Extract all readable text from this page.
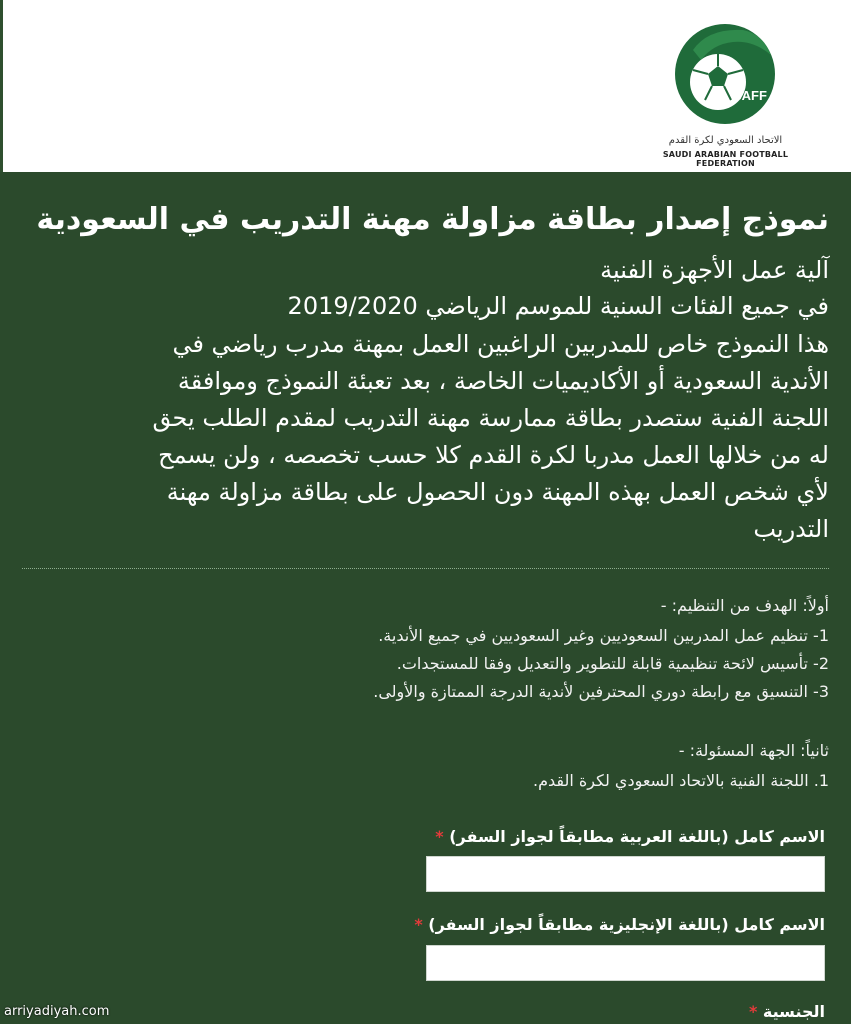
SAFF
الاتحاد السعودي لكرة القدم
SAUDI ARABIAN FOOTBALL FEDERATION
نموذج إصدار بطاقة مزاولة مهنة التدريب في السعودية
آلية عمل الأجهزة الفنية
في جميع الفئات السنية للموسم الرياضي 2019/2020
هذا النموذج خاص للمدربين الراغبين العمل بمهنة مدرب رياضي في
الأندية السعودية أو الأكاديميات الخاصة ، بعد تعبئة النموذج وموافقة
اللجنة الفنية ستصدر بطاقة ممارسة مهنة التدريب لمقدم الطلب يحق
له من خلالها العمل مدربا لكرة القدم كلا حسب تخصصه ، ولن يسمح
لأي شخص العمل بهذه المهنة دون الحصول على بطاقة مزاولة مهنة
التدريب
أولاً: الهدف من التنظيم: -
1- تنظيم عمل المدربين السعوديين وغير السعوديين في جميع الأندية.
2- تأسيس لائحة تنظيمية قابلة للتطوير والتعديل وفقا للمستجدات.
3- التنسيق مع رابطة دوري المحترفين لأندية الدرجة الممتازة والأولى.
ثانياً: الجهة المسئولة: -
1. اللجنة الفنية بالاتحاد السعودي لكرة القدم.
الاسم كامل (باللغة العربية مطابقاً لجواز السفر) *
الاسم كامل (باللغة الإنجليزية مطابقاً لجواز السفر) *
الجنسية *
arriyadiyah.com
